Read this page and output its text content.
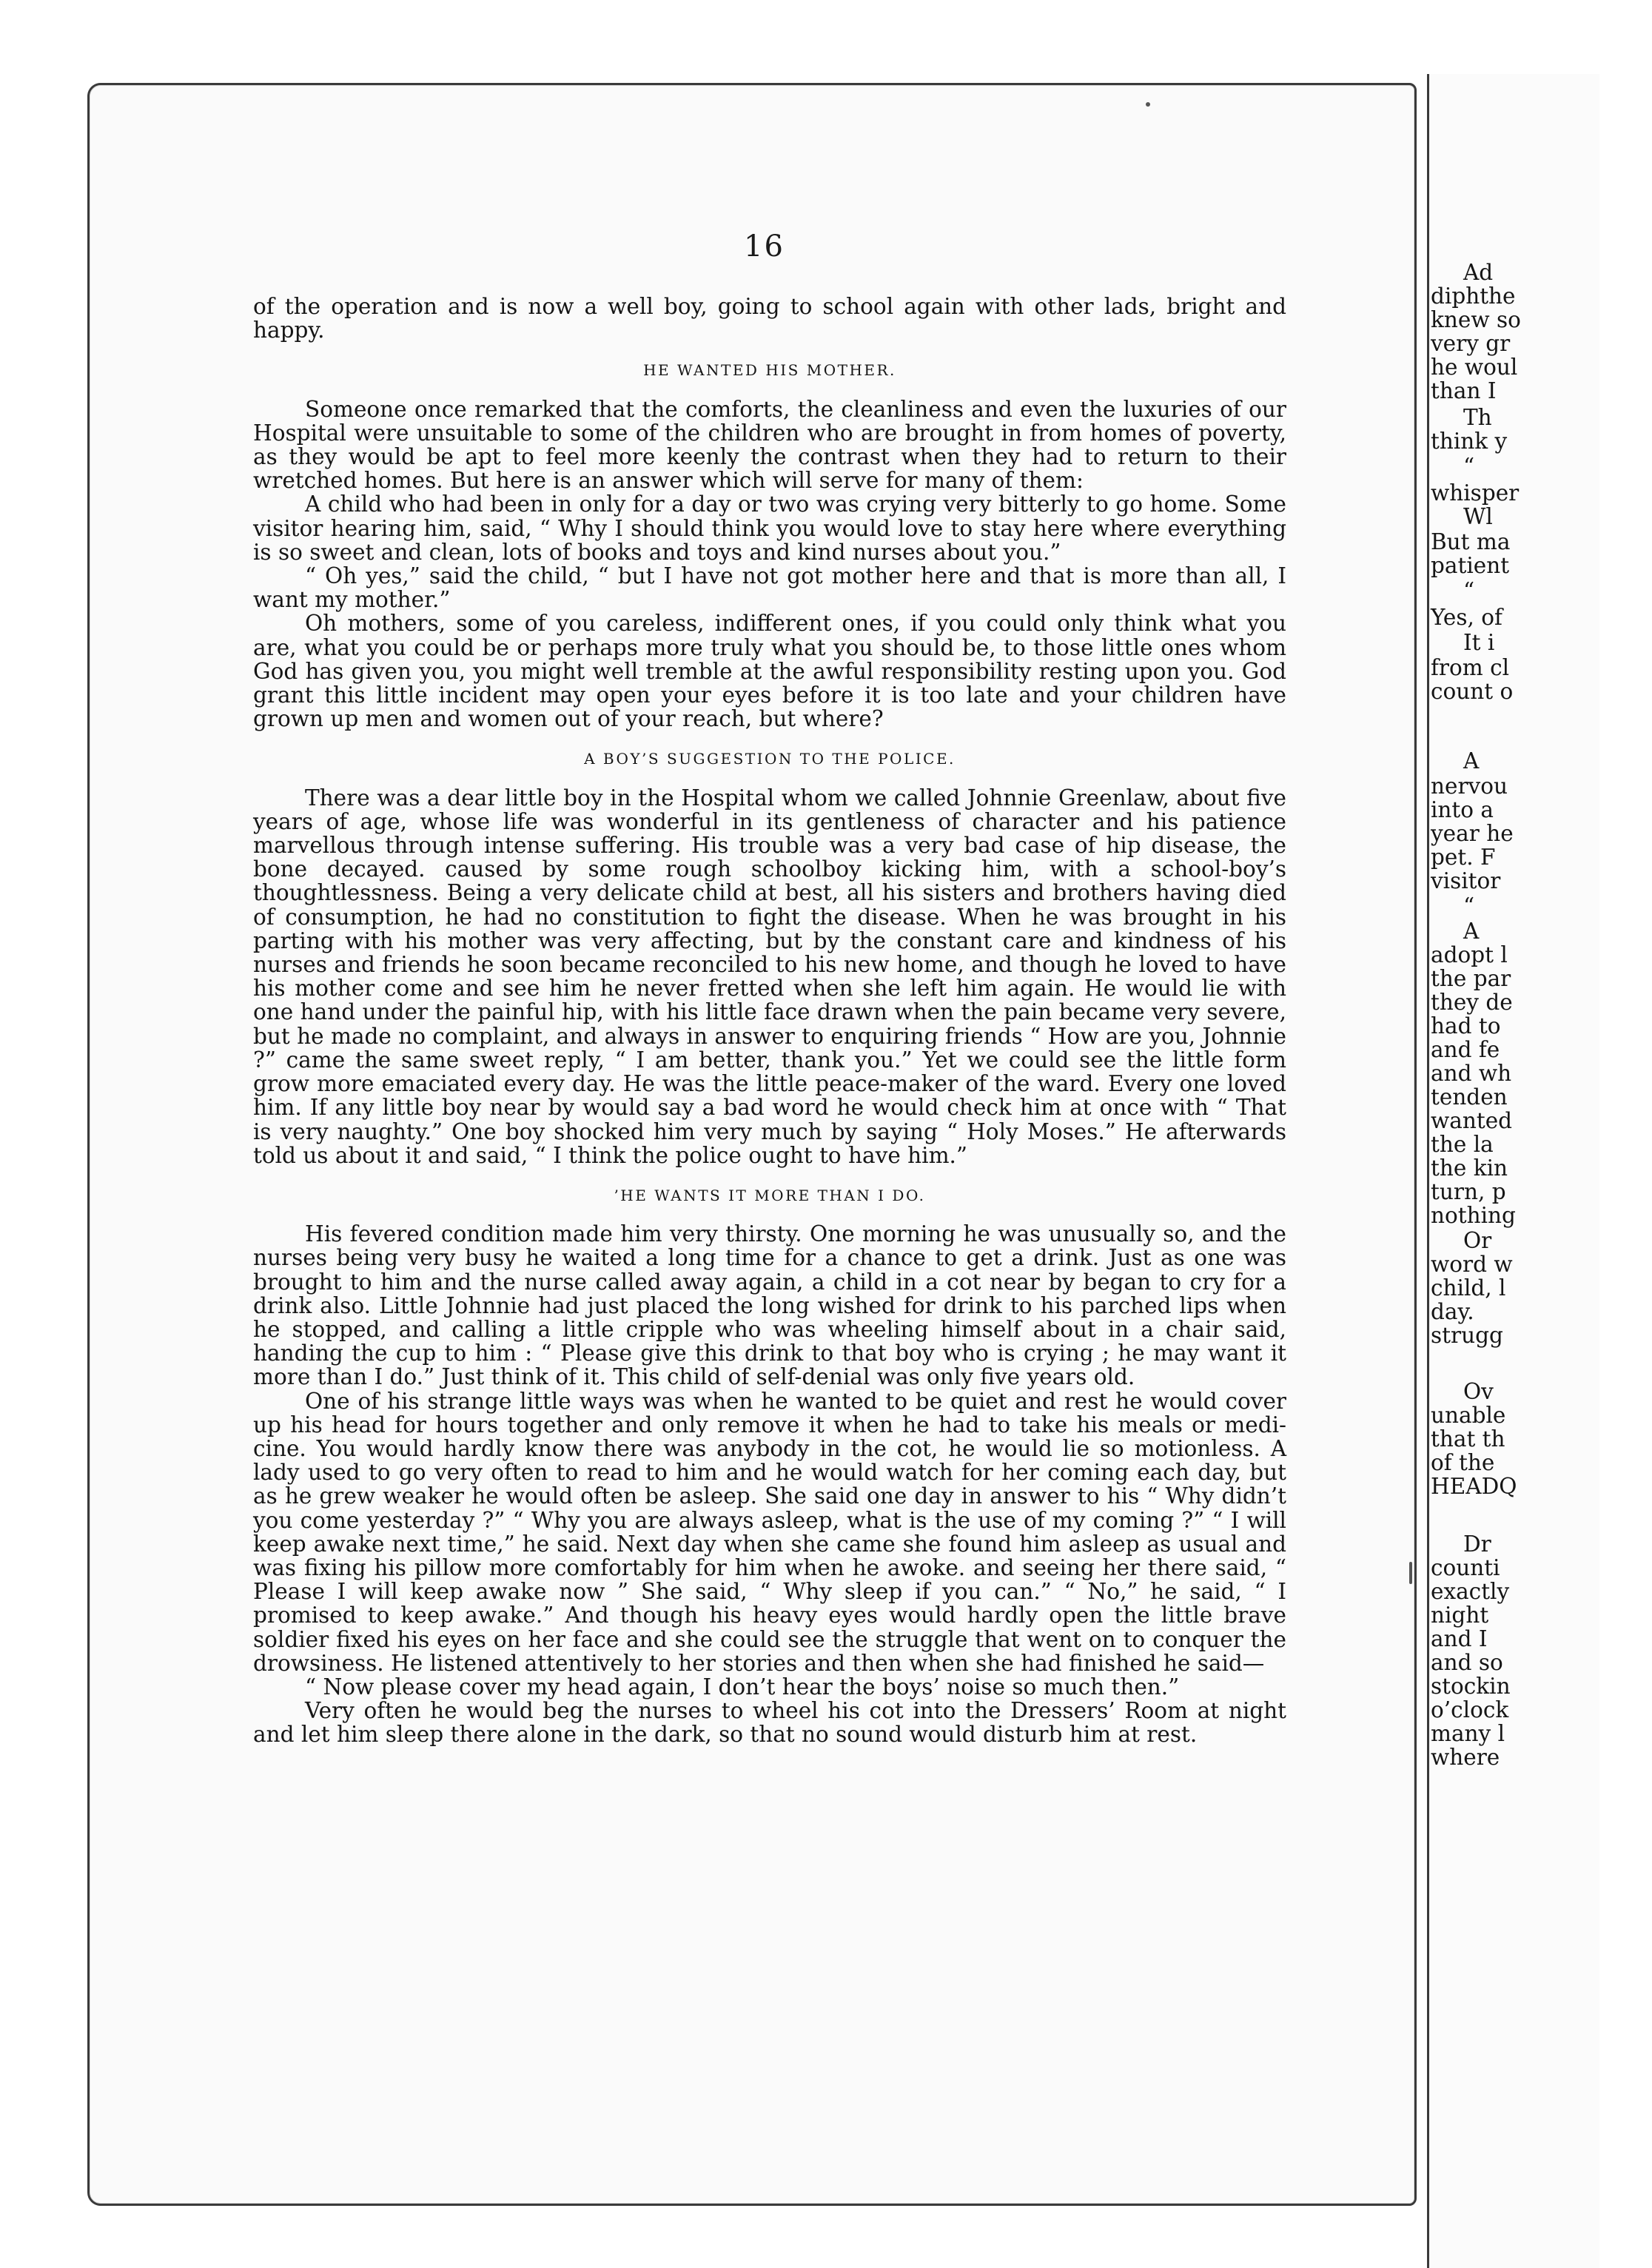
16

of the operation and is now a well boy, going to school again with other lads, bright and happy.

HE WANTED HIS MOTHER.

Someone once remarked that the comforts, the cleanliness and even the luxuries of our Hospital were unsuitable to some of the children who are brought in from homes of poverty, as they would be apt to feel more keenly the contrast when they had to return to their wretched homes. But here is an answer which will serve for many of them:

A child who had been in only for a day or two was crying very bitterly to go home. Some visitor hearing him, said, “ Why I should think you would love to stay here where everything is so sweet and clean, lots of books and toys and kind nurses about you.”

“ Oh yes,” said the child, “ but I have not got mother here and that is more than all, I want my mother.”

Oh mothers, some of you careless, indifferent ones, if you could only think what you are, what you could be or perhaps more truly what you should be, to those little ones whom God has given you, you might well tremble at the awful responsibility resting upon you. God grant this little incident may open your eyes before it is too late and your children have grown up men and women out of your reach, but where?

A BOY’S SUGGESTION TO THE POLICE.

There was a dear little boy in the Hospital whom we called Johnnie Greenlaw, about five years of age, whose life was wonderful in its gentleness of character and his patience marvellous through intense suffering. His trouble was a very bad case of hip disease, the bone decayed. caused by some rough schoolboy kicking him, with a school-boy’s thoughtlessness. Being a very delicate child at best, all his sisters and brothers having died of consumption, he had no constitution to fight the disease. When he was brought in his parting with his mother was very affecting, but by the constant care and kindness of his nurses and friends he soon became reconciled to his new home, and though he loved to have his mother come and see him he never fretted when she left him again. He would lie with one hand under the painful hip, with his little face drawn when the pain became very severe, but he made no complaint, and always in answer to enquiring friends “ How are you, Johnnie ?” came the same sweet reply, “ I am better, thank you.” Yet we could see the little form grow more emaciated every day. He was the little peace-maker of the ward. Every one loved him. If any little boy near by would say a bad word he would check him at once with “ That is very naughty.” One boy shocked him very much by saying “ Holy Moses.” He afterwards told us about it and said, “ I think the police ought to have him.”

’HE WANTS IT MORE THAN I DO.

His fevered condition made him very thirsty. One morning he was unusually so, and the nurses being very busy he waited a long time for a chance to get a drink. Just as one was brought to him and the nurse called away again, a child in a cot near by began to cry for a drink also. Little Johnnie had just placed the long wished for drink to his parched lips when he stopped, and calling a little cripple who was wheeling himself about in a chair said, handing the cup to him : “ Please give this drink to that boy who is crying ; he may want it more than I do.” Just think of it. This child of self-denial was only five years old.

One of his strange little ways was when he wanted to be quiet and rest he would cover up his head for hours together and only remove it when he had to take his meals or medi-cine. You would hardly know there was anybody in the cot, he would lie so motionless. A lady used to go very often to read to him and he would watch for her coming each day, but as he grew weaker he would often be asleep. She said one day in answer to his “ Why didn’t you come yesterday ?” “ Why you are always asleep, what is the use of my coming ?” “ I will keep awake next time,” he said. Next day when she came she found him asleep as usual and was fixing his pillow more comfortably for him when he awoke. and seeing her there said, “ Please I will keep awake now ” She said, “ Why sleep if you can.” “ No,” he said, “ I promised to keep awake.” And though his heavy eyes would hardly open the little brave soldier fixed his eyes on her face and she could see the struggle that went on to conquer the drowsiness. He listened attentively to her stories and then when she had finished he said—

“ Now please cover my head again, I don’t hear the boys’ noise so much then.”

Very often he would beg the nurses to wheel his cot into the Dressers’ Room at night and let him sleep there alone in the dark, so that no sound would disturb him at rest.

Ad
diphthe
knew so
very gr
he woul
than I
Th
think y
“
whisper
Wl
But ma
patient
“
Yes, of
It i
from cl
count o
A
nervou
into a
year he
pet. F
visitor
“
A
adopt l
the par
they de
had to
and fe
and wh
tenden
wanted
the la
the kin
turn, p
nothing
Or
word w
child, l
day.
strugg
Ov
unable
that th
of the
HEADQ
Dr
counti
exactly
night
and I
and so
stockin
o’clock
many l
where
